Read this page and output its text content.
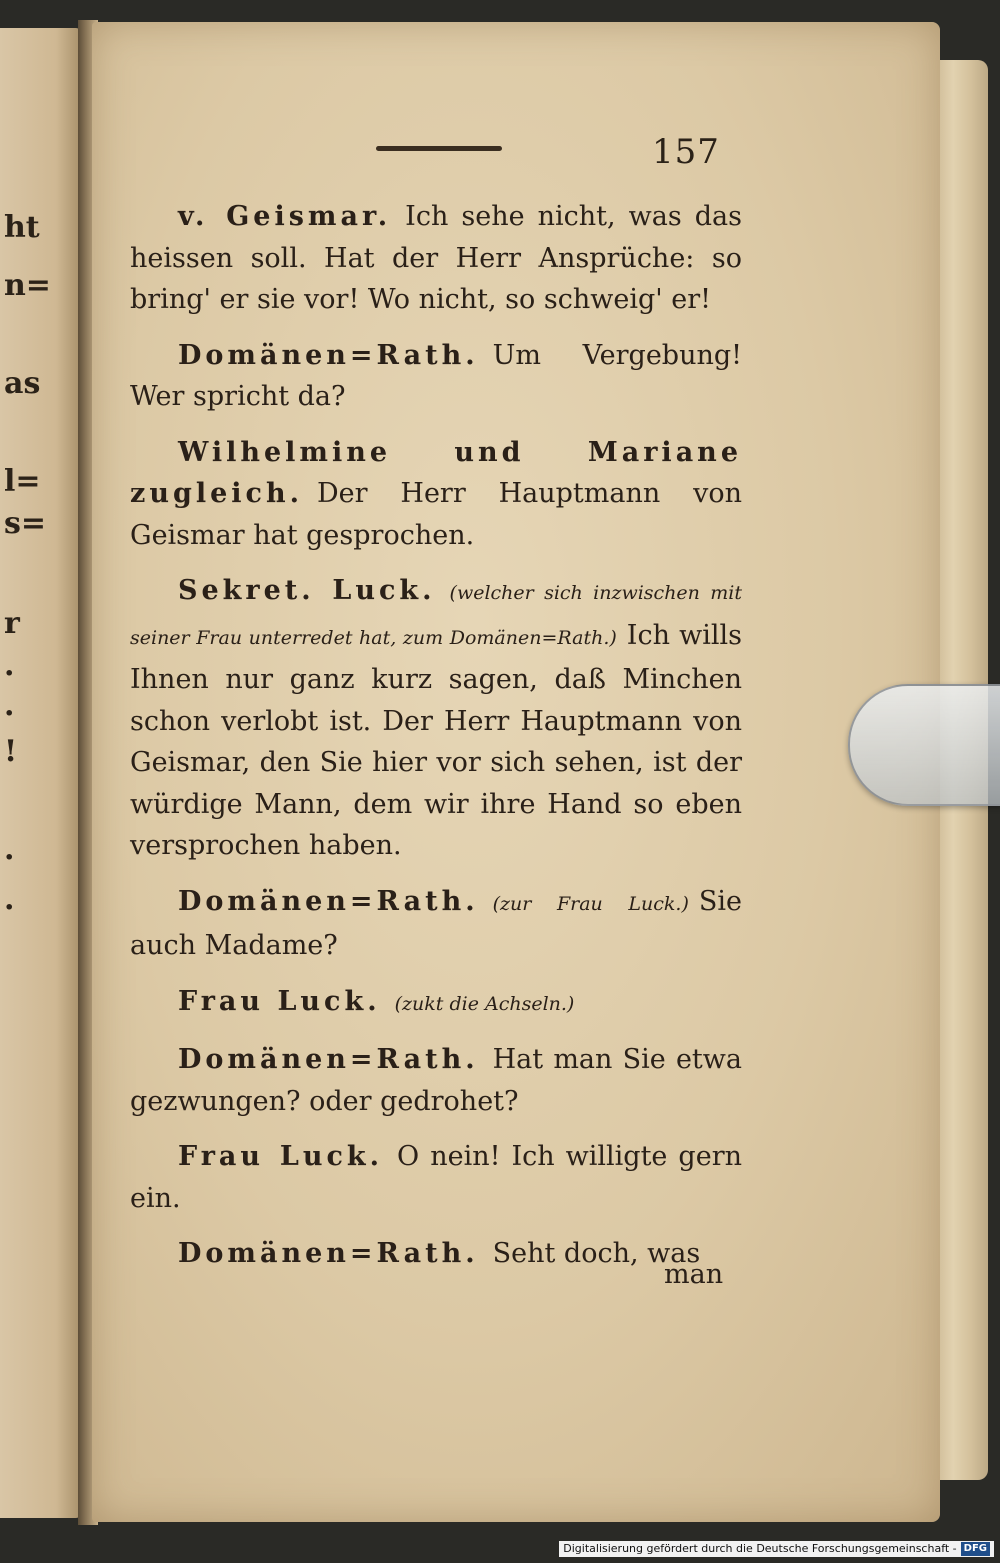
ht
n=
as
l=
s=
r
·
·
!
·
·
157

v. Geismar. Ich sehe nicht, was das heissen soll. Hat der Herr Ansprüche: so bring' er sie vor! Wo nicht, so schweig' er!

Domänen=Rath. Um Vergebung! Wer spricht da?

Wilhelmine und Mariane zugleich. Der Herr Hauptmann von Geismar hat gesprochen.

Sekret. Luck. (welcher sich inzwischen mit seiner Frau unterredet hat, zum Domänen=Rath.) Ich wills Ihnen nur ganz kurz sagen, daß Minchen schon verlobt ist. Der Herr Hauptmann von Geismar, den Sie hier vor sich sehen, ist der würdige Mann, dem wir ihre Hand so eben versprochen haben.

Domänen=Rath. (zur Frau Luck.) Sie auch Madame?

Frau Luck. (zukt die Achseln.)

Domänen=Rath. Hat man Sie etwa gezwungen? oder gedrohet?

Frau Luck. O nein! Ich willigte gern ein.

Domänen=Rath. Seht doch, was

man
Digitalisierung gefördert durch die Deutsche Forschungsgemeinschaft - DFG
